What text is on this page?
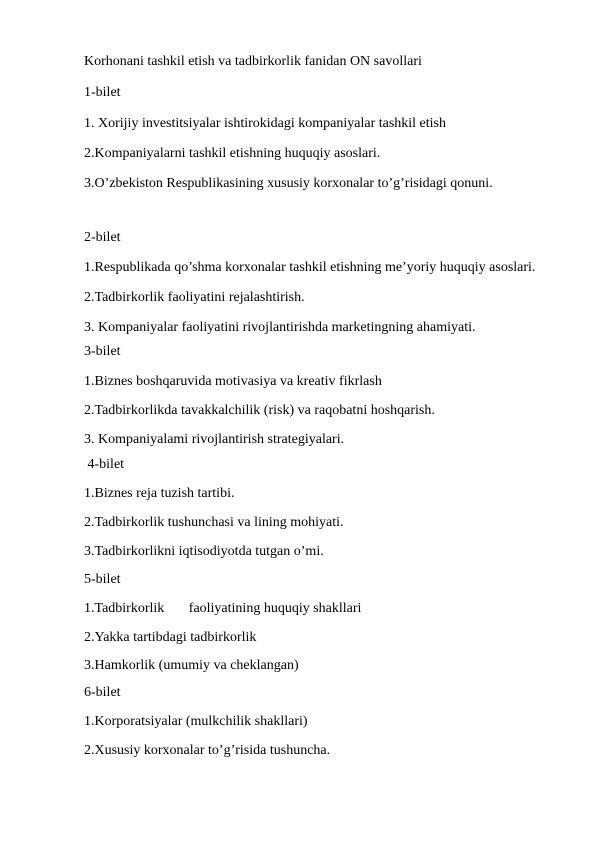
Korhonani tashkil etish va tadbirkorlik fanidan ON savollari
1-bilet
1. Xorijiy investitsiyalar ishtirokidagi kompaniyalar tashkil etish
2.Kompaniyalarni tashkil etishning huquqiy asoslari.
3.O’zbekiston Respublikasining xususiy korxonalar to’g’risidagi qonuni.
2-bilet
1.Respublikada qo’shma korxonalar tashkil etishning me’yoriy huquqiy asoslari.
2.Tadbirkorlik faoliyatini rejalashtirish.
3. Kompaniyalar faoliyatini rivojlantirishda marketingning ahamiyati.
3-bilet
1.Biznes boshqaruvida motivasiya va kreativ fikrlash
2.Tadbirkorlikda tavakkalchilik (risk) va raqobatni hoshqarish.
3. Kompaniyalami rivojlantirish strategiyalari.
4-bilet
1.Biznes reja tuzish tartibi.
2.Tadbirkorlik tushunchasi va lining mohiyati.
3.Tadbirkorlikni iqtisodiyotda tutgan o’mi.
5-bilet
1.Tadbirkorlik       faoliyatining huquqiy shakllari
2.Yakka tartibdagi tadbirkorlik
3.Hamkorlik (umumiy va cheklangan)
6-bilet
1.Korporatsiyalar (mulkchilik shakllari)
2.Xususiy korxonalar to’g’risida tushuncha.
